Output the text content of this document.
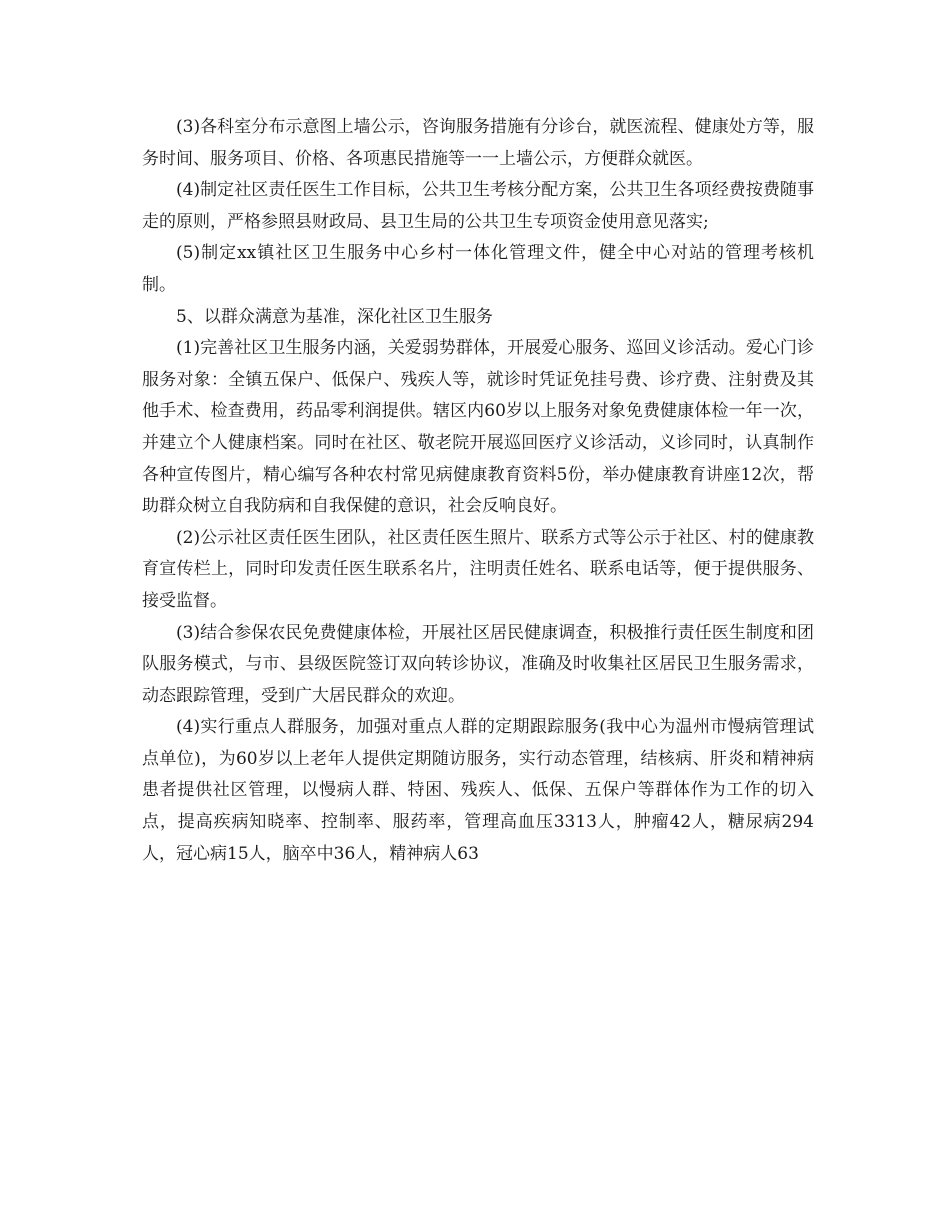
(3)各科室分布示意图上墙公示，咨询服务措施有分诊台，就医流程、健康处方等，服务时间、服务项目、价格、各项惠民措施等一一上墙公示，方便群众就医。

(4)制定社区责任医生工作目标，公共卫生考核分配方案，公共卫生各项经费按费随事走的原则，严格参照县财政局、县卫生局的公共卫生专项资金使用意见落实;

(5)制定xx镇社区卫生服务中心乡村一体化管理文件，健全中心对站的管理考核机制。

5、以群众满意为基准，深化社区卫生服务

(1)完善社区卫生服务内涵，关爱弱势群体，开展爱心服务、巡回义诊活动。爱心门诊服务对象：全镇五保户、低保户、残疾人等，就诊时凭证免挂号费、诊疗费、注射费及其他手术、检查费用，药品零利润提供。辖区内60岁以上服务对象免费健康体检一年一次，并建立个人健康档案。同时在社区、敬老院开展巡回医疗义诊活动，义诊同时，认真制作各种宣传图片，精心编写各种农村常见病健康教育资料5份，举办健康教育讲座12次，帮助群众树立自我防病和自我保健的意识，社会反响良好。

(2)公示社区责任医生团队，社区责任医生照片、联系方式等公示于社区、村的健康教育宣传栏上，同时印发责任医生联系名片，注明责任姓名、联系电话等，便于提供服务、接受监督。

(3)结合参保农民免费健康体检，开展社区居民健康调查，积极推行责任医生制度和团队服务模式，与市、县级医院签订双向转诊协议，准确及时收集社区居民卫生服务需求，动态跟踪管理，受到广大居民群众的欢迎。

(4)实行重点人群服务，加强对重点人群的定期跟踪服务(我中心为温州市慢病管理试点单位)，为60岁以上老年人提供定期随访服务，实行动态管理，结核病、肝炎和精神病患者提供社区管理，以慢病人群、特困、残疾人、低保、五保户等群体作为工作的切入点，提高疾病知晓率、控制率、服药率，管理高血压3313人，肿瘤42人，糖尿病294人，冠心病15人，脑卒中36人，精神病人63
